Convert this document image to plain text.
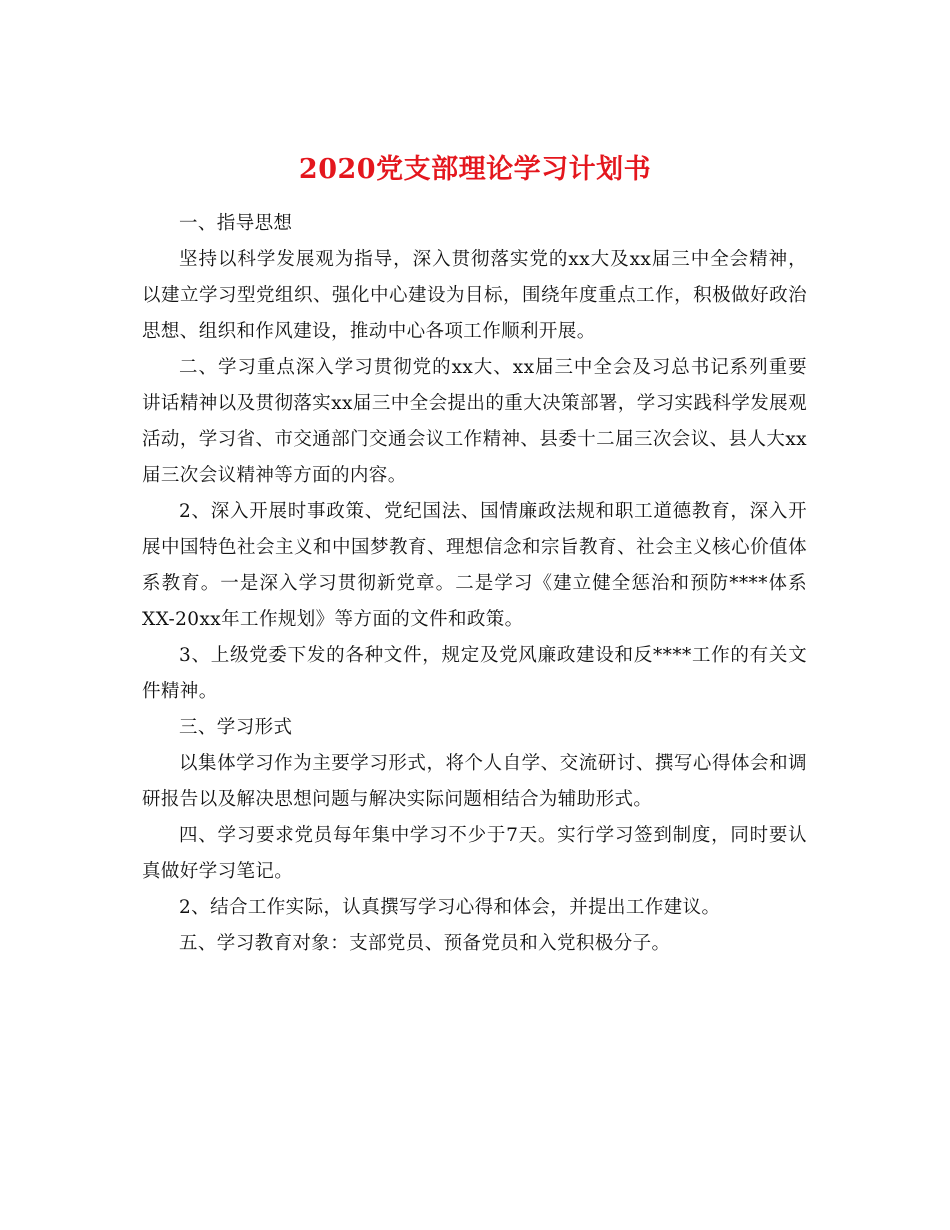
2020党支部理论学习计划书

一、指导思想

坚持以科学发展观为指导，深入贯彻落实党的xx大及xx届三中全会精神，以建立学习型党组织、强化中心建设为目标，围绕年度重点工作，积极做好政治思想、组织和作风建设，推动中心各项工作顺利开展。

二、学习重点深入学习贯彻党的xx大、xx届三中全会及习总书记系列重要讲话精神以及贯彻落实xx届三中全会提出的重大决策部署，学习实践科学发展观活动，学习省、市交通部门交通会议工作精神、县委十二届三次会议、县人大xx届三次会议精神等方面的内容。

2、深入开展时事政策、党纪国法、国情廉政法规和职工道德教育，深入开展中国特色社会主义和中国梦教育、理想信念和宗旨教育、社会主义核心价值体系教育。一是深入学习贯彻新党章。二是学习《建立健全惩治和预防****体系XX-20xx年工作规划》等方面的文件和政策。

3、上级党委下发的各种文件，规定及党风廉政建设和反****工作的有关文件精神。

三、学习形式

以集体学习作为主要学习形式，将个人自学、交流研讨、撰写心得体会和调研报告以及解决思想问题与解决实际问题相结合为辅助形式。

四、学习要求党员每年集中学习不少于7天。实行学习签到制度，同时要认真做好学习笔记。

2、结合工作实际，认真撰写学习心得和体会，并提出工作建议。

五、学习教育对象：支部党员、预备党员和入党积极分子。
